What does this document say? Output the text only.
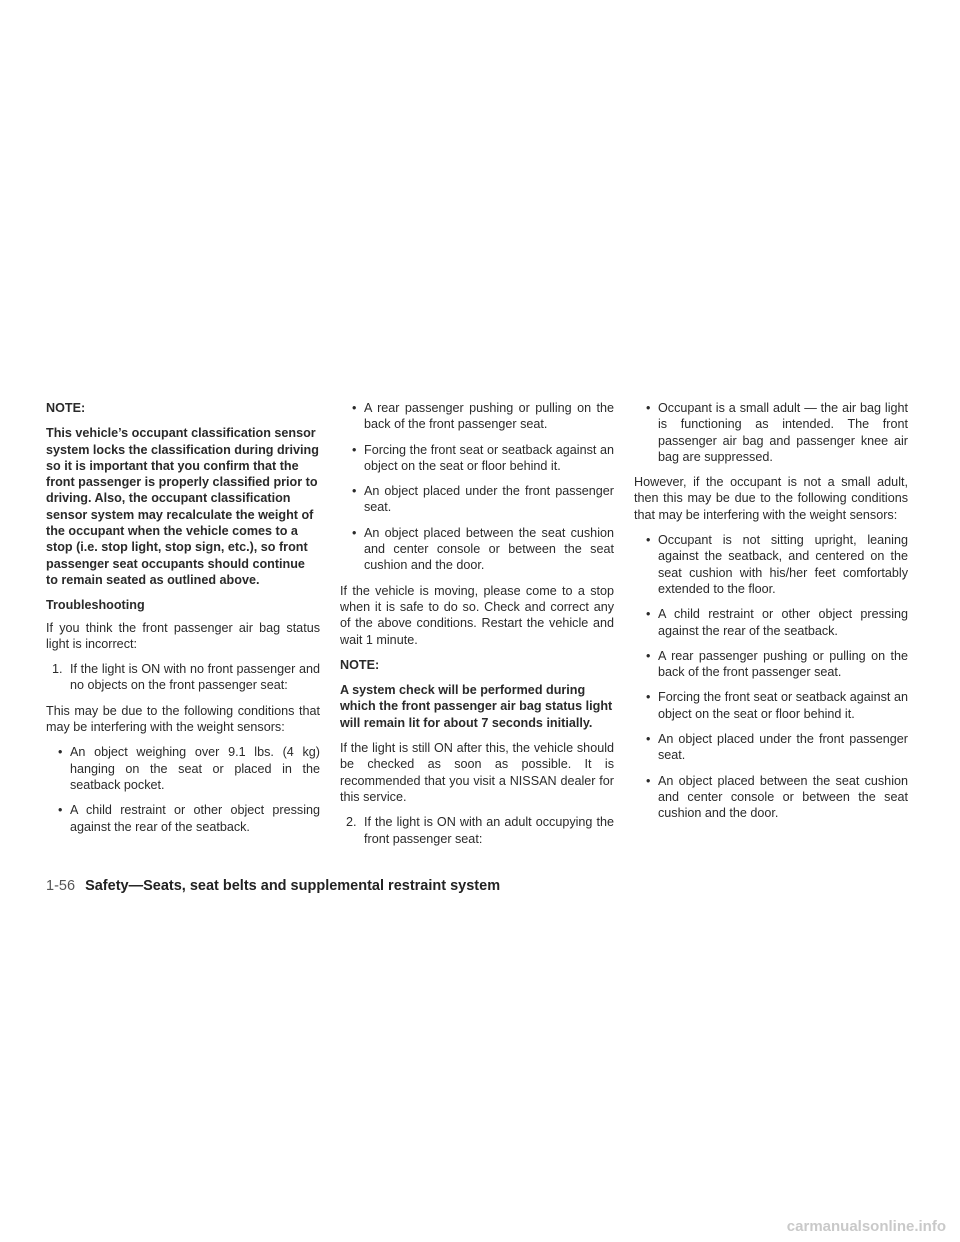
NOTE:

This vehicle’s occupant classification sensor system locks the classification during driving so it is important that you confirm that the front passenger is properly classified prior to driving. Also, the occupant classification sensor system may recalculate the weight of the occupant when the vehicle comes to a stop (i.e. stop light, stop sign, etc.), so front passenger seat occupants should continue to remain seated as outlined above.

Troubleshooting

If you think the front passenger air bag status light is incorrect:

1. If the light is ON with no front passenger and no objects on the front passenger seat:

This may be due to the following conditions that may be interfering with the weight sensors:

• An object weighing over 9.1 lbs. (4 kg) hanging on the seat or placed in the seatback pocket.
• A child restraint or other object pressing against the rear of the seatback.
• A rear passenger pushing or pulling on the back of the front passenger seat.
• Forcing the front seat or seatback against an object on the seat or floor behind it.
• An object placed under the front passenger seat.
• An object placed between the seat cushion and center console or between the seat cushion and the door.

If the vehicle is moving, please come to a stop when it is safe to do so. Check and correct any of the above conditions. Restart the vehicle and wait 1 minute.

NOTE:

A system check will be performed during which the front passenger air bag status light will remain lit for about 7 seconds initially.

If the light is still ON after this, the vehicle should be checked as soon as possible. It is recommended that you visit a NISSAN dealer for this service.

2. If the light is ON with an adult occupying the front passenger seat:
• Occupant is a small adult — the air bag light is functioning as intended. The front passenger air bag and passenger knee air bag are suppressed.

However, if the occupant is not a small adult, then this may be due to the following conditions that may be interfering with the weight sensors:

• Occupant is not sitting upright, leaning against the seatback, and centered on the seat cushion with his/her feet comfortably extended to the floor.
• A child restraint or other object pressing against the rear of the seatback.
• A rear passenger pushing or pulling on the back of the front passenger seat.
• Forcing the front seat or seatback against an object on the seat or floor behind it.
• An object placed under the front passenger seat.
• An object placed between the seat cushion and center console or between the seat cushion and the door.
1-56 Safety—Seats, seat belts and supplemental restraint system
carmanualsonline.info
